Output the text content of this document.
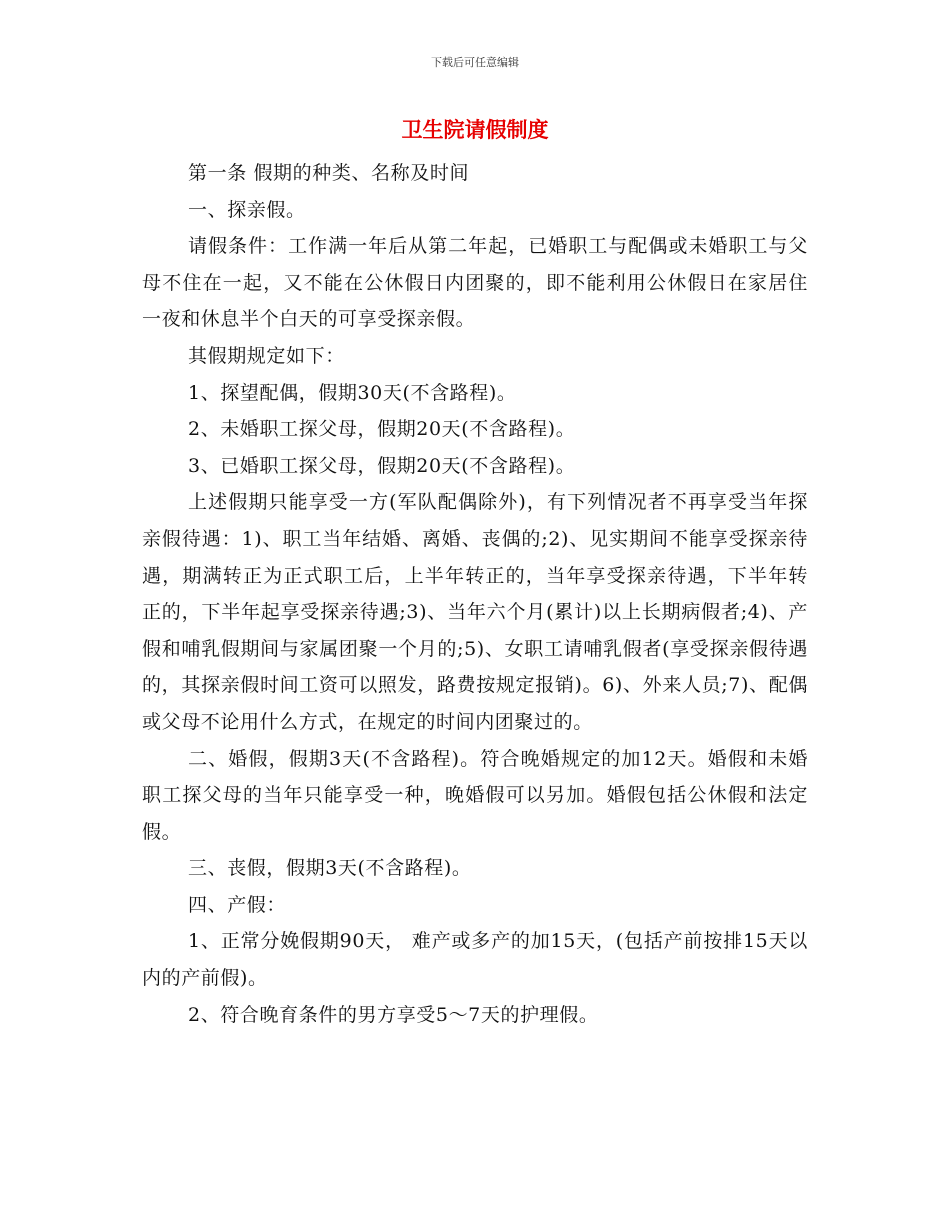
下载后可任意编辑
卫生院请假制度

第一条 假期的种类、名称及时间

一、探亲假。

请假条件：工作满一年后从第二年起，已婚职工与配偶或未婚职工与父母不住在一起，又不能在公休假日内团聚的，即不能利用公休假日在家居住一夜和休息半个白天的可享受探亲假。

其假期规定如下：

1、探望配偶，假期30天(不含路程)。

2、未婚职工探父母，假期20天(不含路程)。

3、已婚职工探父母，假期20天(不含路程)。

上述假期只能享受一方(军队配偶除外)，有下列情况者不再享受当年探亲假待遇：1)、职工当年结婚、离婚、丧偶的;2)、见实期间不能享受探亲待遇，期满转正为正式职工后，上半年转正的，当年享受探亲待遇，下半年转正的，下半年起享受探亲待遇;3)、当年六个月(累计)以上长期病假者;4)、产假和哺乳假期间与家属团聚一个月的;5)、女职工请哺乳假者(享受探亲假待遇的，其探亲假时间工资可以照发，路费按规定报销)。6)、外来人员;7)、配偶或父母不论用什么方式，在规定的时间内团聚过的。

二、婚假，假期3天(不含路程)。符合晚婚规定的加12天。婚假和未婚职工探父母的当年只能享受一种，晚婚假可以另加。婚假包括公休假和法定假。

三、丧假，假期3天(不含路程)。

四、产假：

1、正常分娩假期90天， 难产或多产的加15天，(包括产前按排15天以内的产前假)。

2、符合晚育条件的男方享受5～7天的护理假。
